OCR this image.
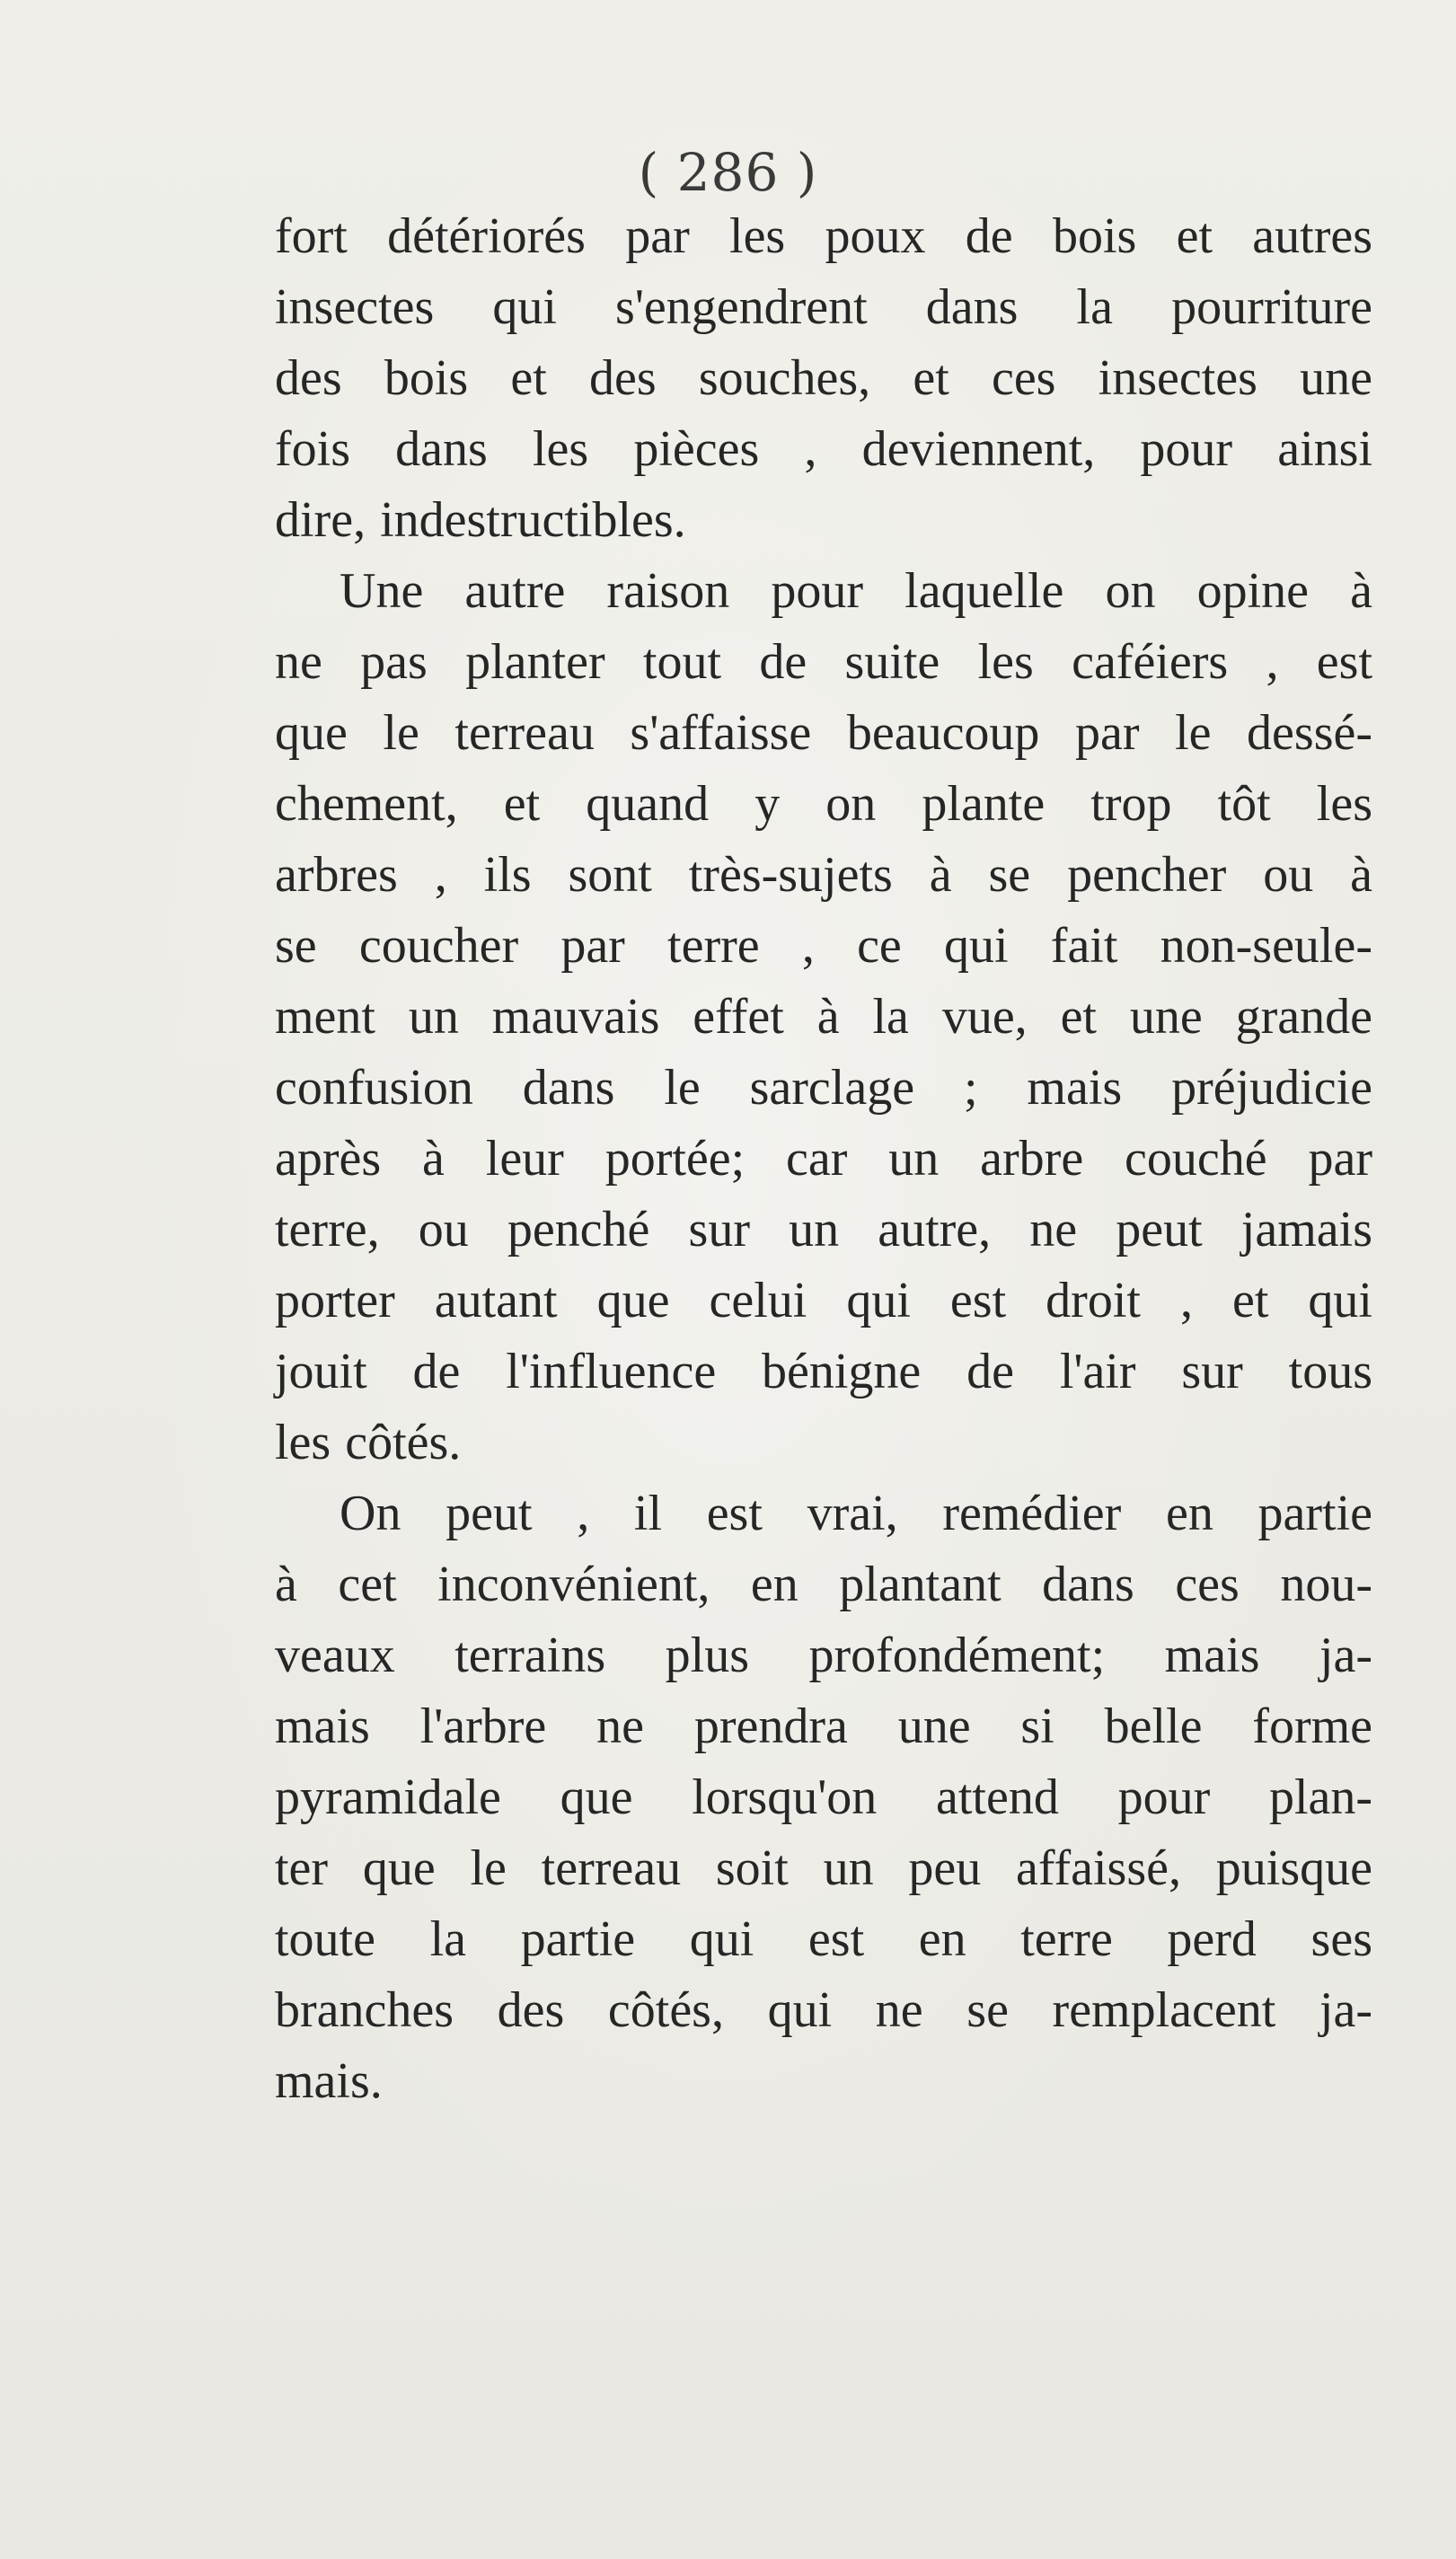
( 286 )
fort détériorés par les poux de bois et autres
insectes qui s'engendrent dans la pourriture
des bois et des souches, et ces insectes une
fois dans les pièces , deviennent, pour ainsi
dire, indestructibles.
Une autre raison pour laquelle on opine à
ne pas planter tout de suite les caféiers , est
que le terreau s'affaisse beaucoup par le dessé-
chement, et quand y on plante trop tôt les
arbres , ils sont très-sujets à se pencher ou à
se coucher par terre , ce qui fait non-seule-
ment un mauvais effet à la vue, et une grande
confusion dans le sarclage ; mais préjudicie
après à leur portée; car un arbre couché par
terre, ou penché sur un autre, ne peut jamais
porter autant que celui qui est droit , et qui
jouit de l'influence bénigne de l'air sur tous
les côtés.
On peut , il est vrai, remédier en partie
à cet inconvénient, en plantant dans ces nou-
veaux terrains plus profondément; mais ja-
mais l'arbre ne prendra une si belle forme
pyramidale que lorsqu'on attend pour plan-
ter que le terreau soit un peu affaissé, puisque
toute la partie qui est en terre perd ses
branches des côtés, qui ne se remplacent ja-
mais.
